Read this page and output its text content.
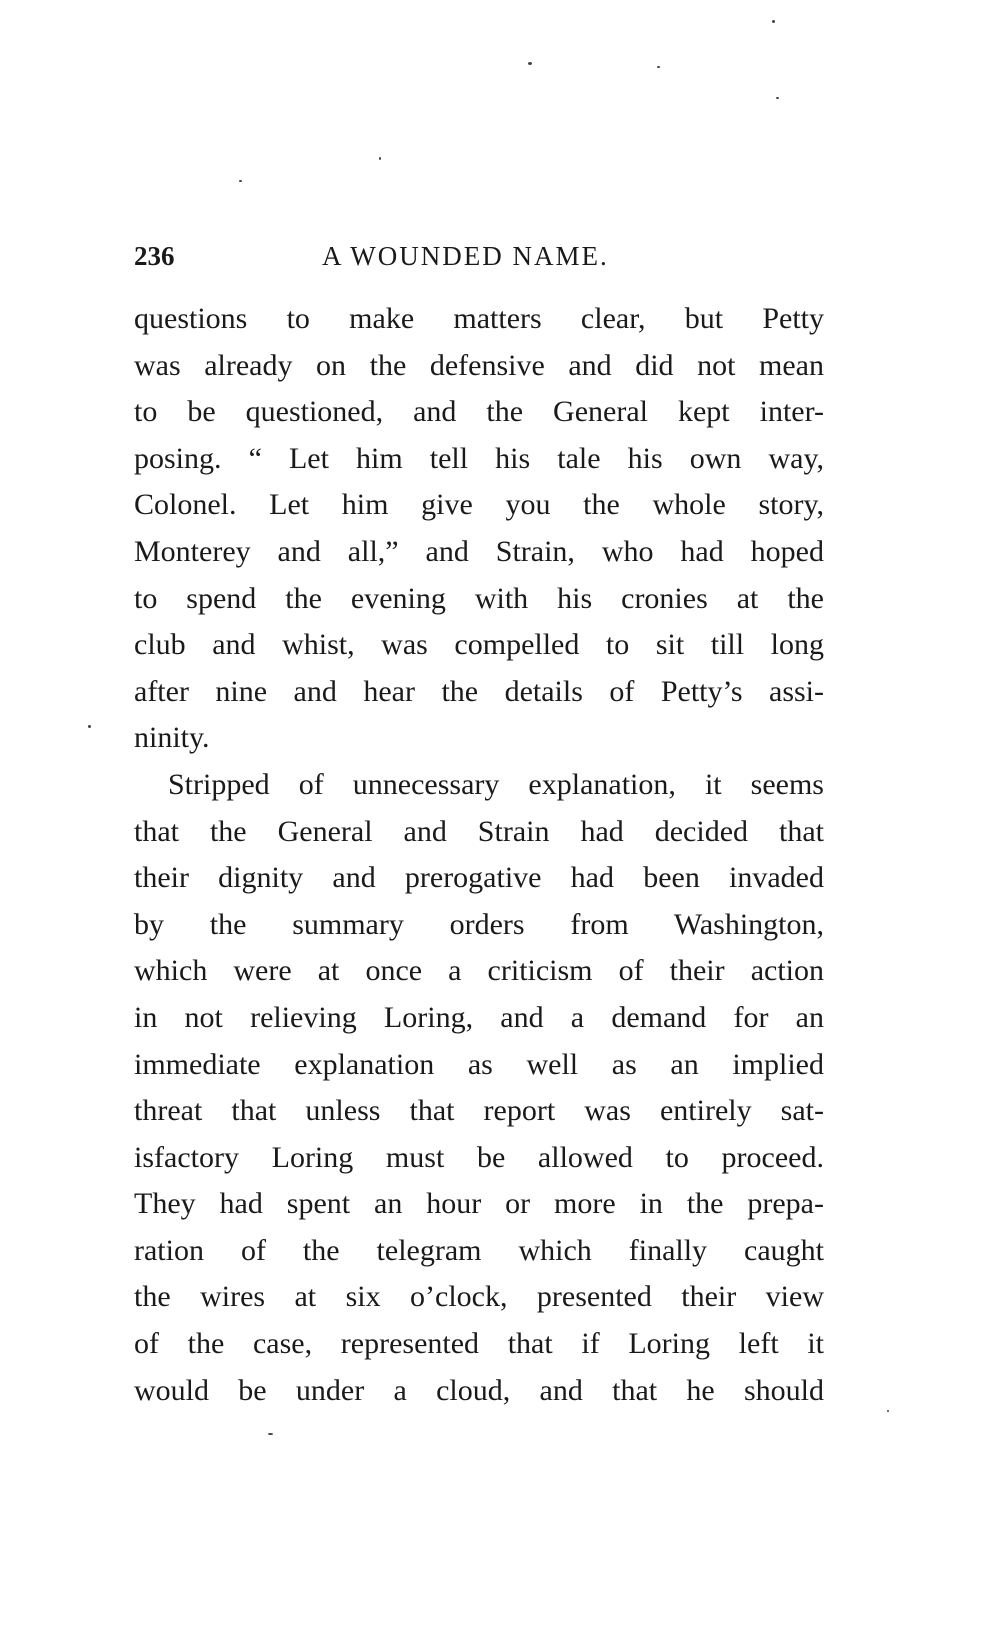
236	A WOUNDED NAME.
questions to make matters clear, but Petty
was already on the defensive and did not mean
to be questioned, and the General kept inter-
posing. “ Let him tell his tale his own way,
Colonel. Let him give you the whole story,
Monterey and all,” and Strain, who had hoped
to spend the evening with his cronies at the
club and whist, was compelled to sit till long
after nine and hear the details of Petty’s assi-
ninity.
Stripped of unnecessary explanation, it seems
that the General and Strain had decided that
their dignity and prerogative had been invaded
by the summary orders from Washington,
which were at once a criticism of their action
in not relieving Loring, and a demand for an
immediate explanation as well as an implied
threat that unless that report was entirely sat-
isfactory Loring must be allowed to proceed.
They had spent an hour or more in the prepa-
ration of the telegram which finally caught
the wires at six o’clock, presented their view
of the case, represented that if Loring left it
would be under a cloud, and that he should
